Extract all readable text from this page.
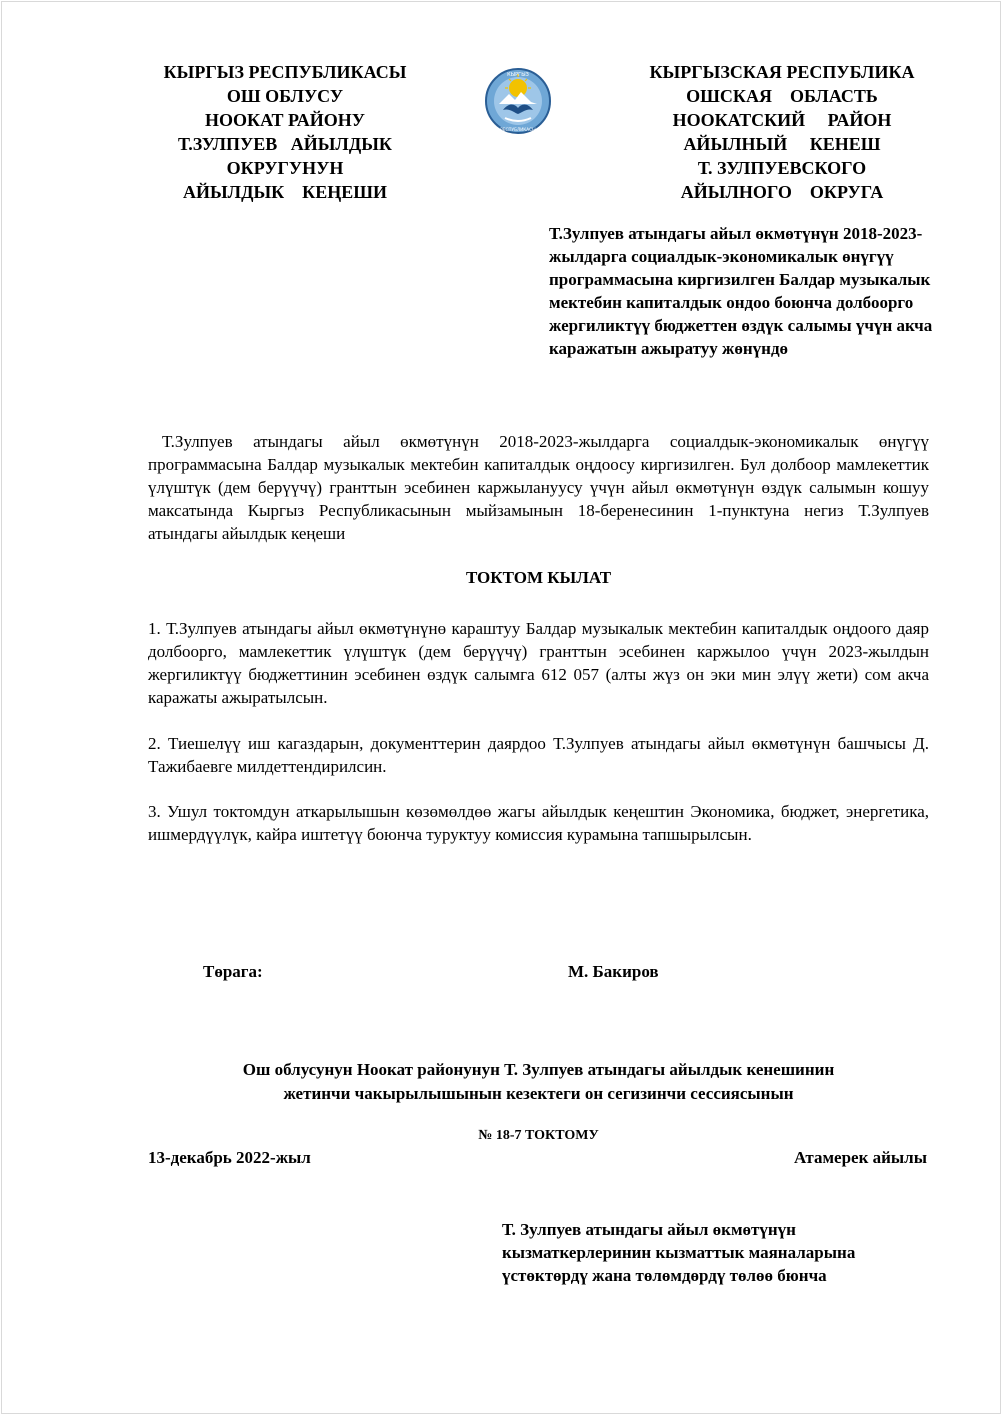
КЫРГЫЗ РЕСПУБЛИКАСЫ
ОШ ОБЛУСУ
НООКАТ РАЙОНУ
Т.ЗУЛПУЕВ   АЙЫЛДЫК
ОКРУГУНУН
АЙЫЛДЫК    КЕҢЕШИ
КЫРГЫЗ
РЕСПУБЛИКАСЫ
КЫРГЫЗСКАЯ РЕСПУБЛИКА
ОШСКАЯ    ОБЛАСТЬ
НООКАТСКИЙ     РАЙОН
АЙЫЛНЫЙ     КЕНЕШ
Т. ЗУЛПУЕВСКОГО
АЙЫЛНОГО    ОКРУГА
Т.Зулпуев атындагы айыл өкмөтүнүн 2018-2023-жылдарга социалдык-экономикалык өнүгүү программасына киргизилген Балдар музыкалык мектебин капиталдык ондоо боюнча долбоорго жергиликтүү бюджеттен өздүк салымы үчүн акча каражатын ажыратуу жөнүндө
Т.Зулпуев атындагы айыл өкмөтүнүн 2018-2023-жылдарга социалдык-экономикалык өнүгүү программасына Балдар музыкалык мектебин капиталдык оңдоосу киргизилген. Бул долбоор мамлекеттик үлүштүк (дем берүүчү) гранттын эсебинен каржылануусу үчүн айыл өкмөтүнүн өздүк салымын кошуу максатында Кыргыз Республикасынын мыйзамынын 18-беренесинин 1-пунктуна негиз Т.Зулпуев атындагы айылдык кеңеши
ТОКТОМ КЫЛАТ
1. Т.Зулпуев атындагы айыл өкмөтүнүнө караштуу Балдар музыкалык мектебин капиталдык оңдоого даяр долбоорго, мамлекеттик үлүштүк (дем берүүчү) гранттын эсебинен каржылоо үчүн 2023-жылдын жергиликтүү бюджеттинин эсебинен өздүк салымга 612 057 (алты жүз он эки мин элүү жети) сом акча каражаты ажыратылсын.
2. Тиешелүү иш кагаздарын, документтерин даярдоо Т.Зулпуев атындагы айыл өкмөтүнүн башчысы Д. Тажибаевге милдеттендирилсин.
3. Ушул токтомдун аткарылышын көзөмөлдөө жагы айылдык кеңештин Экономика, бюджет, энергетика, ишмердүүлүк, кайра иштетүү боюнча туруктуу комиссия курамына тапшырылсын.
Төрага:	М. Бакиров
Ош облусунун Ноокат районунун Т. Зулпуев атындагы айылдык кенешинин
жетинчи чакырылышынын кезектеги он сегизинчи сессиясынын
№ 18-7 ТОКТОМУ
13-декабрь 2022-жыл	Атамерек айылы
Т. Зулпуев атындагы айыл өкмөтүнүн
кызматкерлеринин кызматтык маяналарына
үстөктөрдү жана төлөмдөрдү төлөө бюнча
